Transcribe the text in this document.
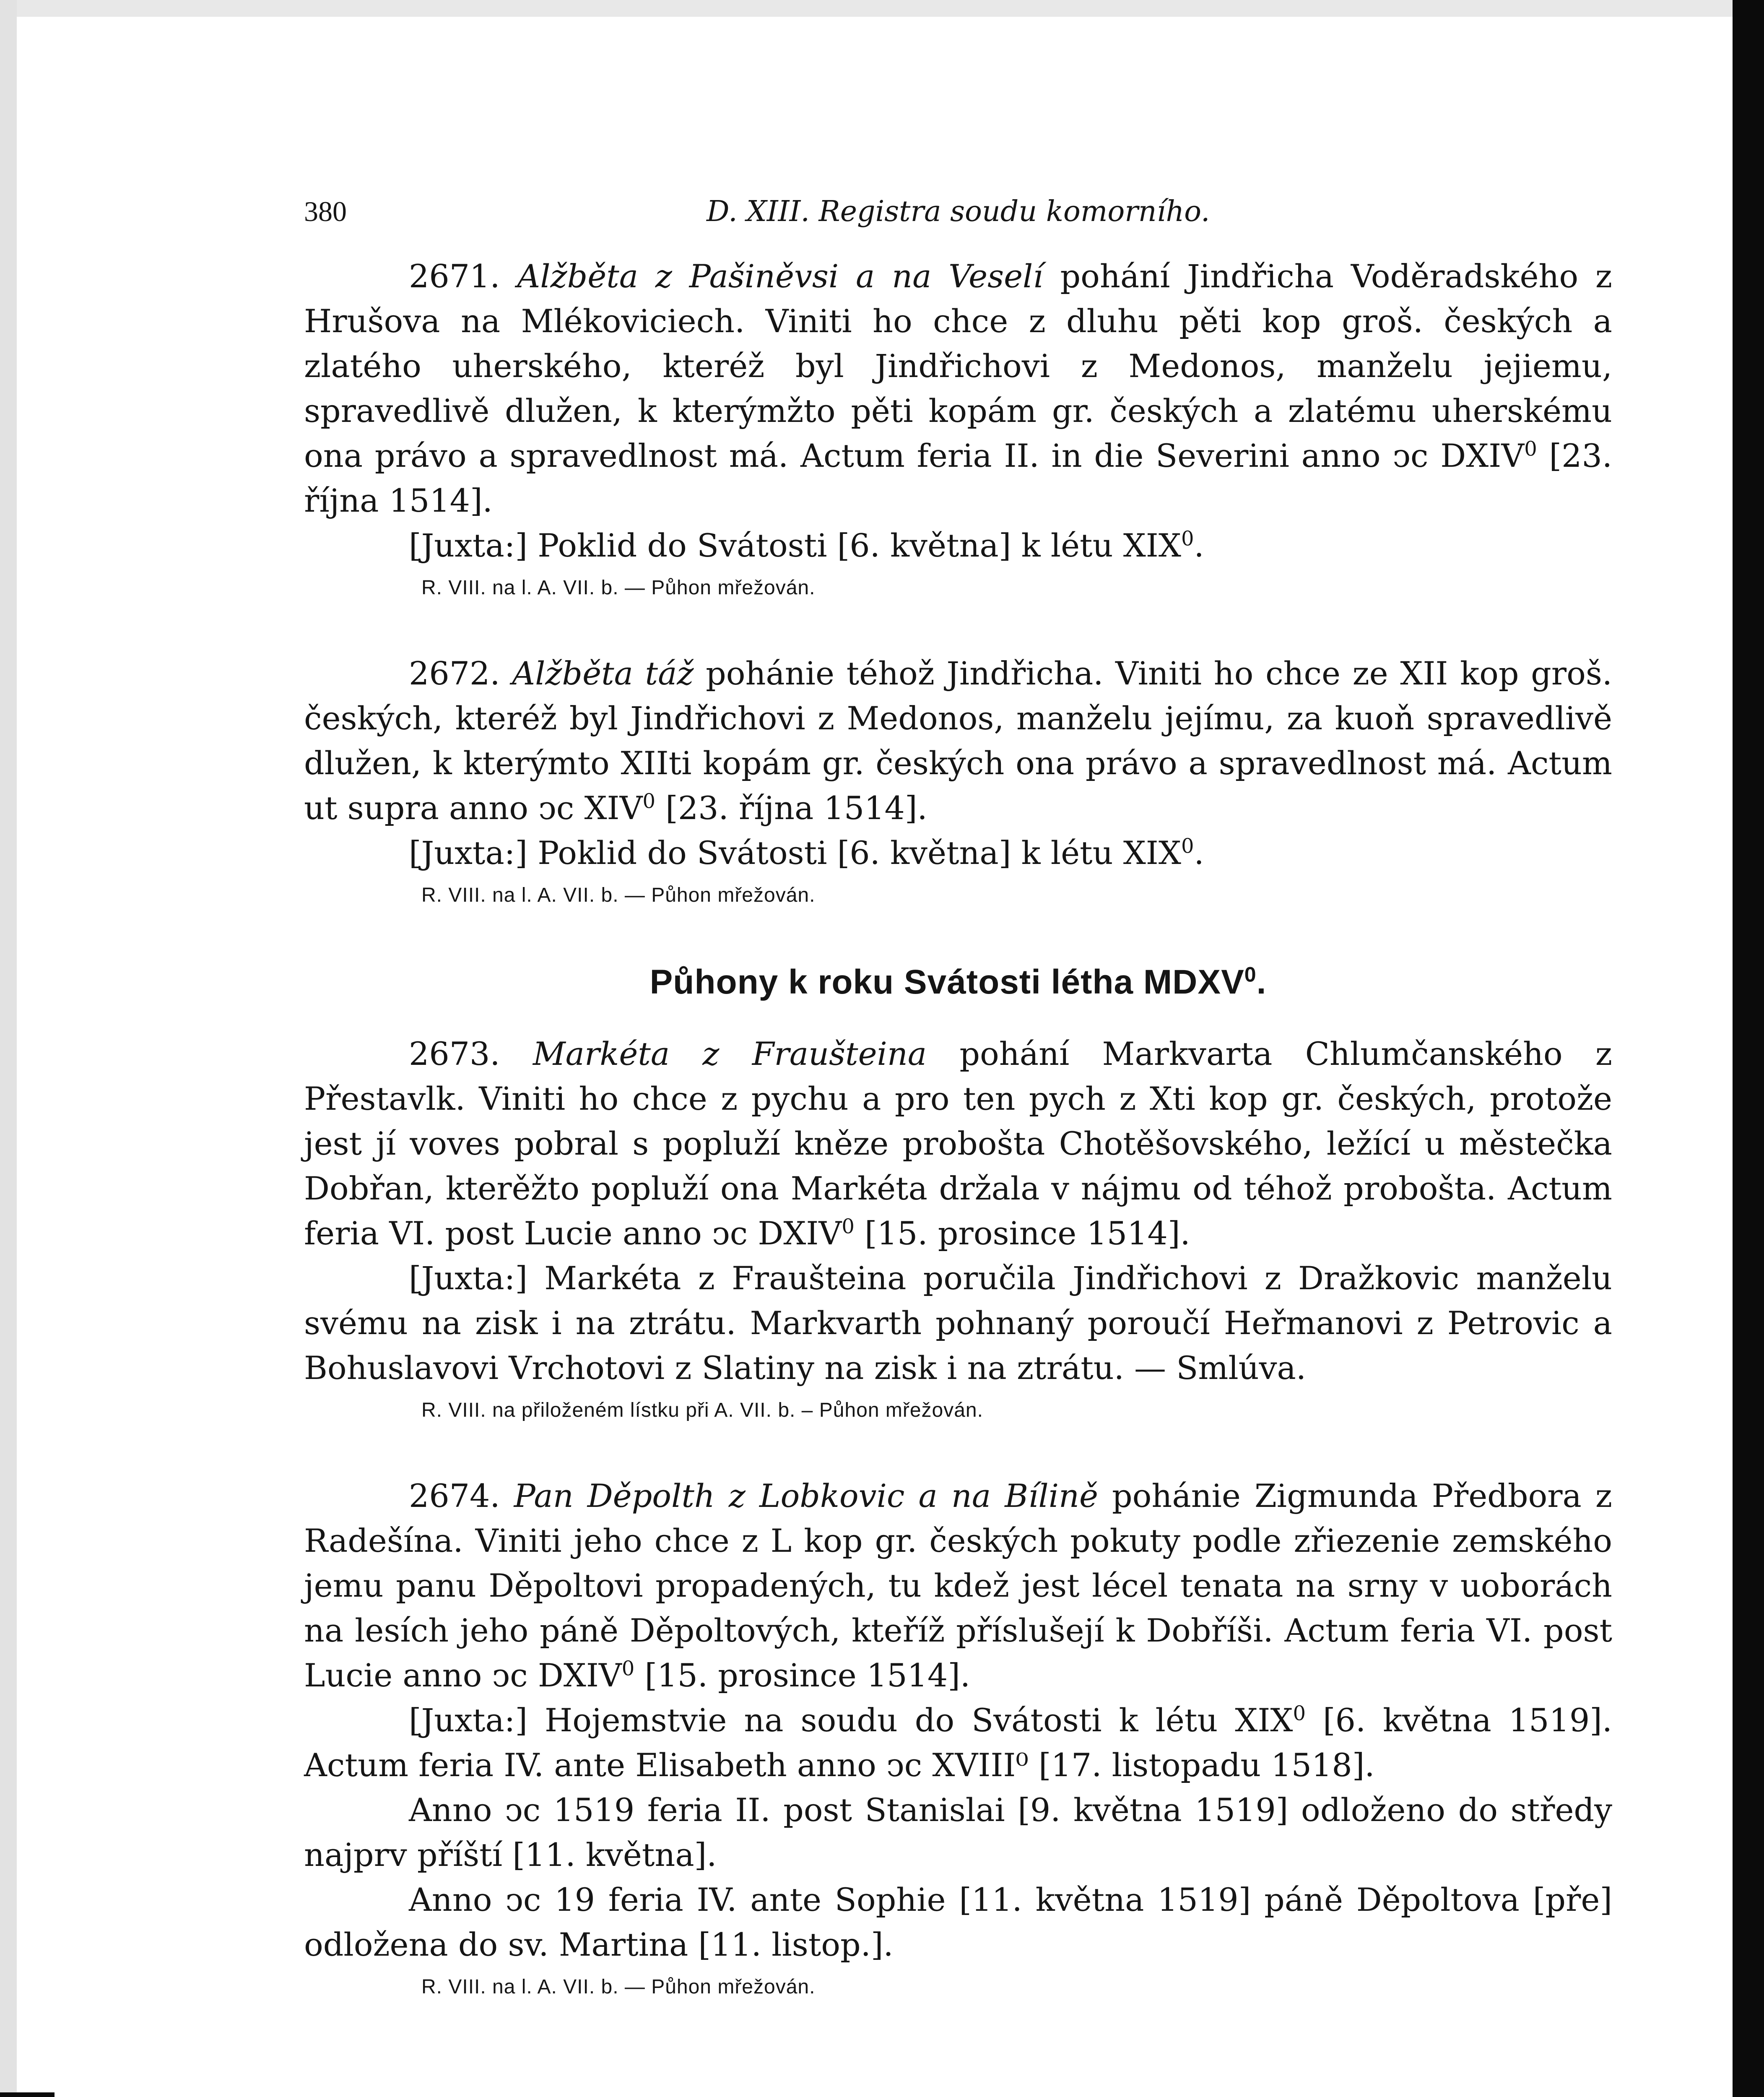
380	D. XIII. Registra soudu komorního.

2671. Alžběta z Pašiněvsi a na Veselí pohání Jindřicha Voděradského z Hrušova na Mlékoviciech. Viniti ho chce z dluhu pěti kop groš. českých a zlatého uherského, kteréž byl Jindřichovi z Medonos, manželu jejiemu, spravedlivě dlužen, k kterýmžto pěti kopám gr. českých a zlatému uherskému ona právo a spravedlnost má. Actum feria II. in die Severini anno ↄc DXIV$^0$ [23. října 1514].

[Juxta:] Poklid do Svátosti [6. května] k létu XIX$^0$.

R. VIII. na l. A. VII. b. — Půhon mřežován.

2672. Alžběta táž pohánie téhož Jindřicha. Viniti ho chce ze XII kop groš. českých, kteréž byl Jindřichovi z Medonos, manželu jejímu, za kuoň spravedlivě dlužen, k kterýmto XIIti kopám gr. českých ona právo a spravedlnost má. Actum ut supra anno ↄc XIV$^0$ [23. října 1514].

[Juxta:] Poklid do Svátosti [6. května] k létu XIX$^0$.

R. VIII. na l. A. VII. b. — Půhon mřežován.
Půhony k roku Svátosti létha MDXV$^0$.

2673. Markéta z Fraušteina pohání Markvarta Chlumčanského z Přestavlk. Viniti ho chce z pychu a pro ten pych z Xti kop gr. českých, protože jest jí voves pobral s popluží kněze probošta Chotěšovského, ležící u městečka Dobřan, kterěžto popluží ona Markéta držala v nájmu od téhož probošta. Actum feria VI. post Lucie anno ↄc DXIV$^0$ [15. prosince 1514].

[Juxta:] Markéta z Fraušteina poručila Jindřichovi z Dražkovic manželu svému na zisk i na ztrátu. Markvarth pohnaný poroučí Heřmanovi z Petrovic a Bohuslavovi Vrchotovi z Slatiny na zisk i na ztrátu. — Smlúva.

R. VIII. na přiloženém lístku při A. VII. b. – Půhon mřežován.

2674. Pan Děpolth z Lobkovic a na Bílině pohánie Zigmunda Předbora z Radešína. Viniti jeho chce z L kop gr. českých pokuty podle zřiezenie zemského jemu panu Děpoltovi propadených, tu kdež jest lécel tenata na srny v uoborách na lesích jeho páně Děpoltových, kteříž příslušejí k Dobříši. Actum feria VI. post Lucie anno ↄc DXIV$^0$ [15. prosince 1514].

[Juxta:] Hojemstvie na soudu do Svátosti k létu XIX$^0$ [6. května 1519]. Actum feria IV. ante Elisabeth anno ↄc XVIII⁰ [17. listopadu 1518].

Anno ↄc 1519 feria II. post Stanislai [9. května 1519] odloženo do středy najprv příští [11. května].

Anno ↄc 19 feria IV. ante Sophie [11. května 1519] páně Děpoltova [pře] odložena do sv. Martina [11. listop.].

R. VIII. na l. A. VII. b. — Půhon mřežován.
